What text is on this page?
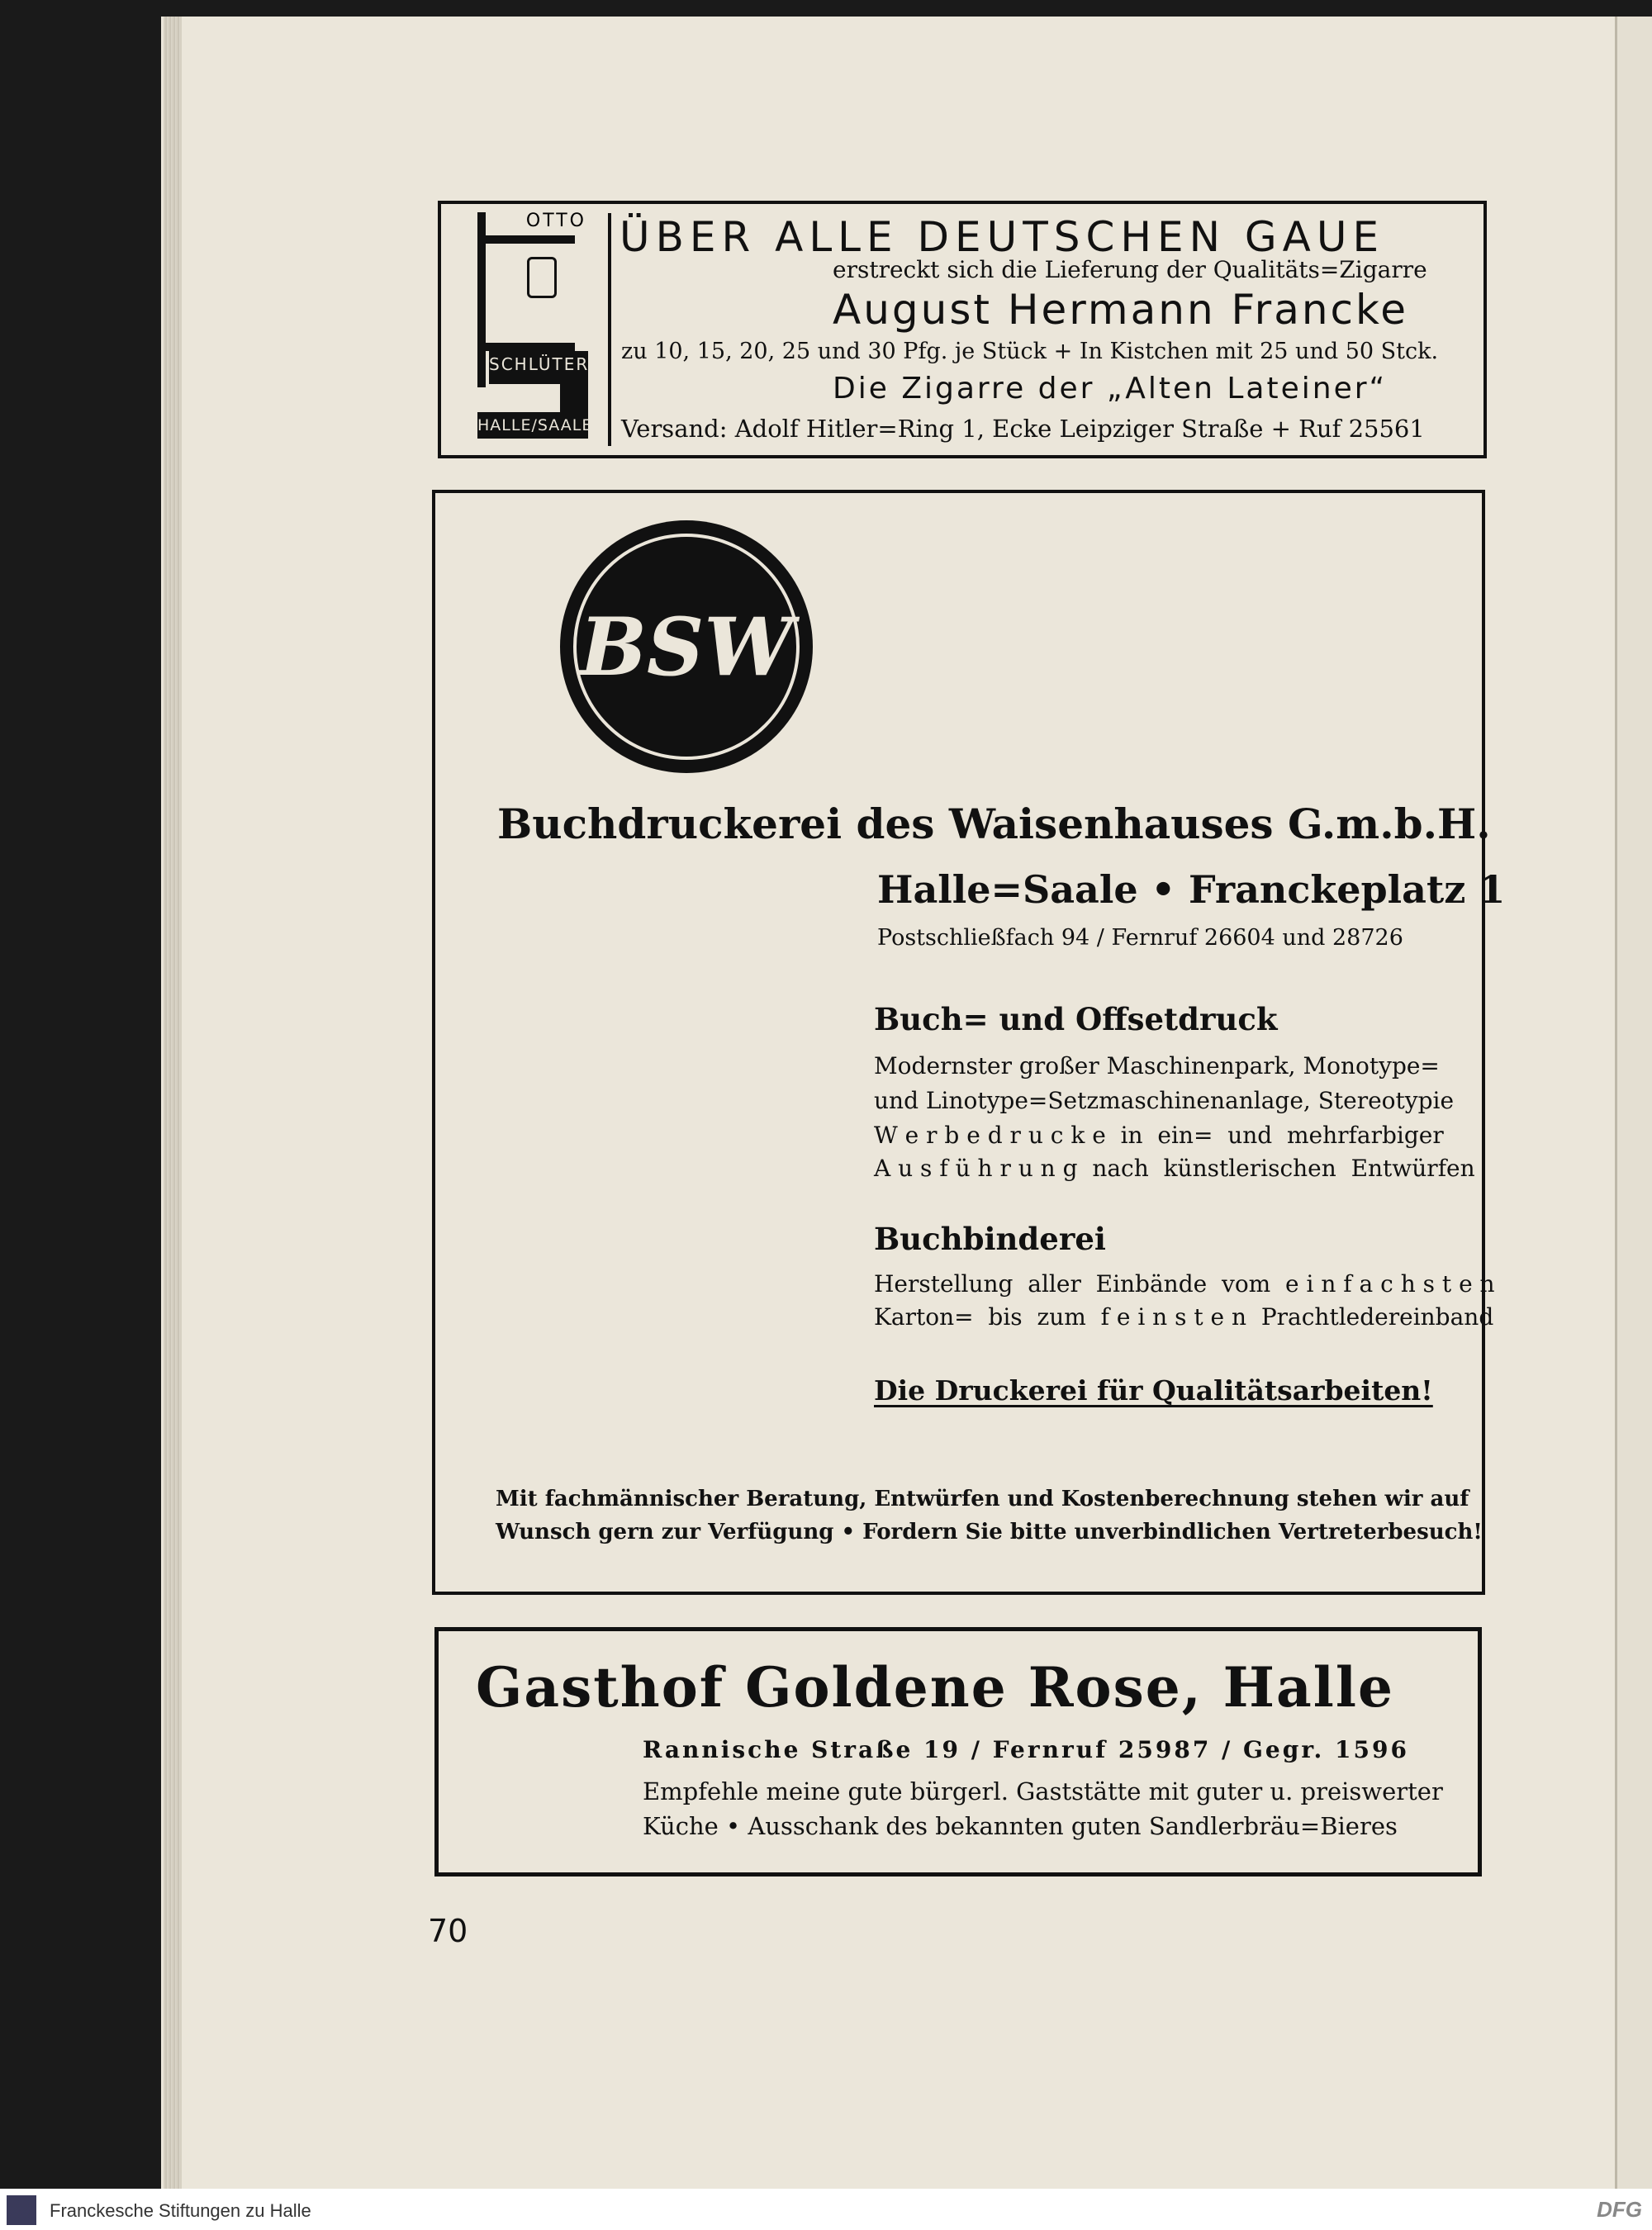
OTTO
SCHLÜTER
HALLE/SAALE
ÜBER ALLE DEUTSCHEN GAUE
erstreckt sich die Lieferung der Qualitäts=Zigarre
August Hermann Francke
zu 10, 15, 20, 25 und 30 Pfg. je Stück + In Kistchen mit 25 und 50 Stck.
Die Zigarre der „Alten Lateiner“
Versand: Adolf Hitler=Ring 1, Ecke Leipziger Straße + Ruf 25561
BSW
Buchdruckerei des Waisenhauses G.m.b.H.
Halle=Saale • Franckeplatz 1
Postschließfach 94 / Fernruf 26604 und 28726
Buch= und Offsetdruck
Modernster großer Maschinenpark, Monotype=
und Linotype=Setzmaschinenanlage, Stereotypie
W e r b e d r u c k e  in  ein=  und  mehrfarbiger
A u s f ü h r u n g  nach  künstlerischen  Entwürfen
Buchbinderei
Herstellung  aller  Einbände  vom  e i n f a c h s t e n
Karton=  bis  zum  f e i n s t e n  Prachtledereinband
Die Druckerei für Qualitätsarbeiten!
Mit fachmännischer Beratung, Entwürfen und Kostenberechnung stehen wir auf
Wunsch gern zur Verfügung • Fordern Sie bitte unverbindlichen Vertreterbesuch!
Gasthof Goldene Rose, Halle
Rannische Straße 19 / Fernruf 25987 / Gegr. 1596
Empfehle meine gute bürgerl. Gaststätte mit guter u. preiswerter
Küche • Ausschank des bekannten guten Sandlerbräu=Bieres
70
Franckesche Stiftungen zu Halle	DFG
